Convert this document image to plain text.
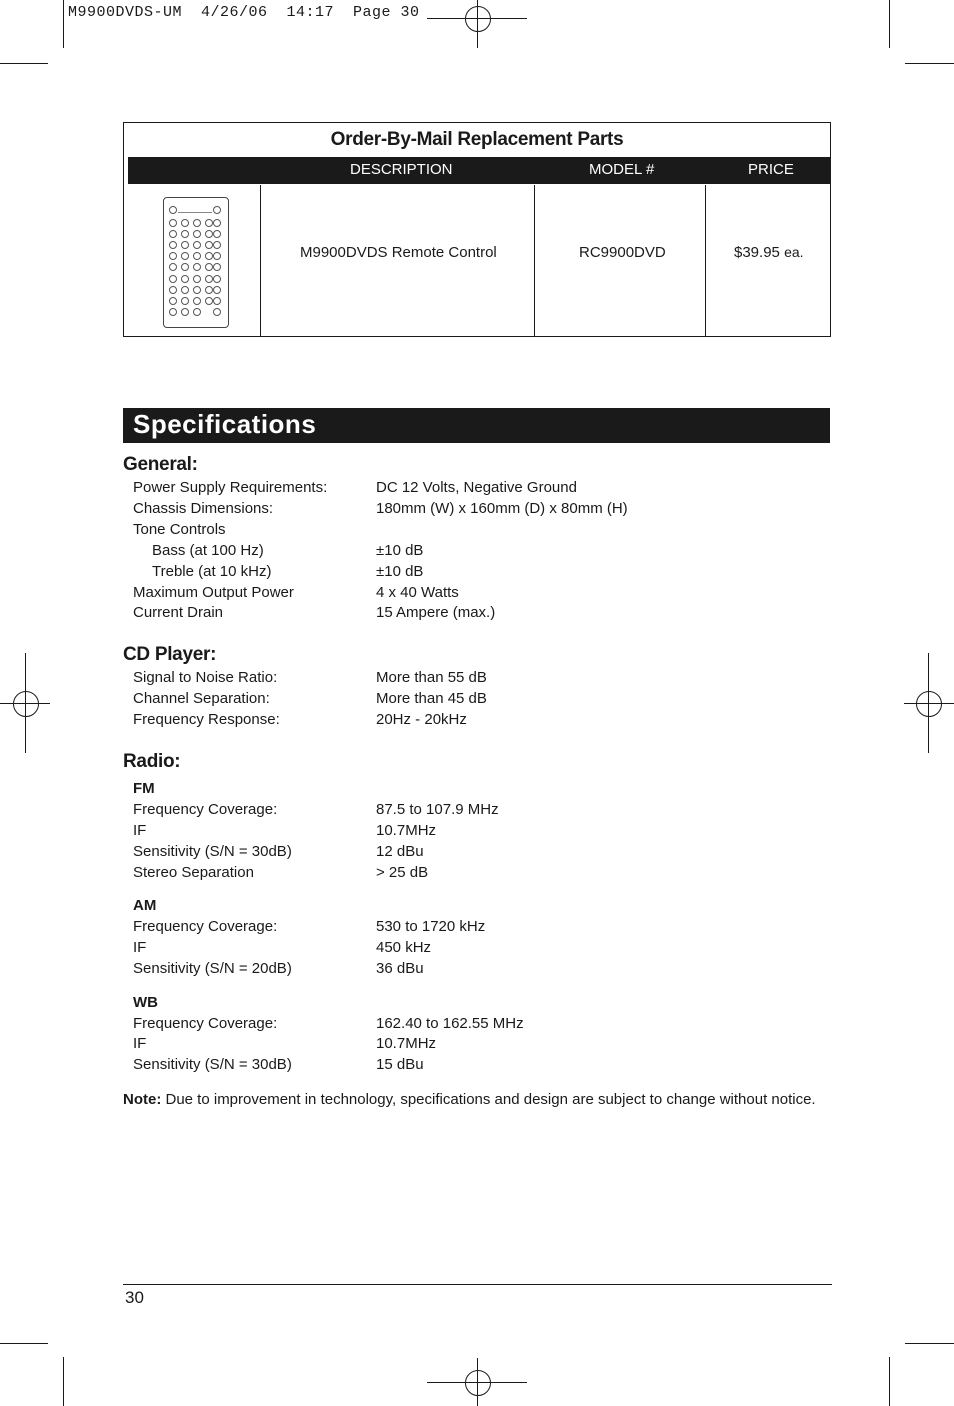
M9900DVDS-UM  4/26/06  14:17  Page 30
Order-By-Mail Replacement Parts
DESCRIPTION	MODEL #	PRICE
M9900DVDS Remote Control	RC9900DVD	$39.95 ea.
Specifications
General:
Power Supply Requirements:	DC 12 Volts, Negative Ground
Chassis Dimensions:	180mm (W) x 160mm (D) x 80mm (H)
Tone Controls
Bass (at 100 Hz)	±10 dB
Treble (at 10 kHz)	±10 dB
Maximum Output Power	4 x 40 Watts
Current Drain	15 Ampere (max.)
CD Player:
Signal to Noise Ratio:	More than 55 dB
Channel Separation:	More than 45 dB
Frequency Response:	20Hz - 20kHz
Radio:
FM
Frequency Coverage:	87.5 to 107.9 MHz
IF	10.7MHz
Sensitivity (S/N = 30dB)	12 dBu
Stereo Separation	> 25 dB
AM
Frequency Coverage:	530 to 1720 kHz
IF	450 kHz
Sensitivity (S/N = 20dB)	36 dBu
WB
Frequency Coverage:	162.40 to 162.55 MHz
IF	10.7MHz
Sensitivity (S/N = 30dB)	15 dBu
Note: Due to improvement in technology, specifications and design are subject to change without notice.
30
